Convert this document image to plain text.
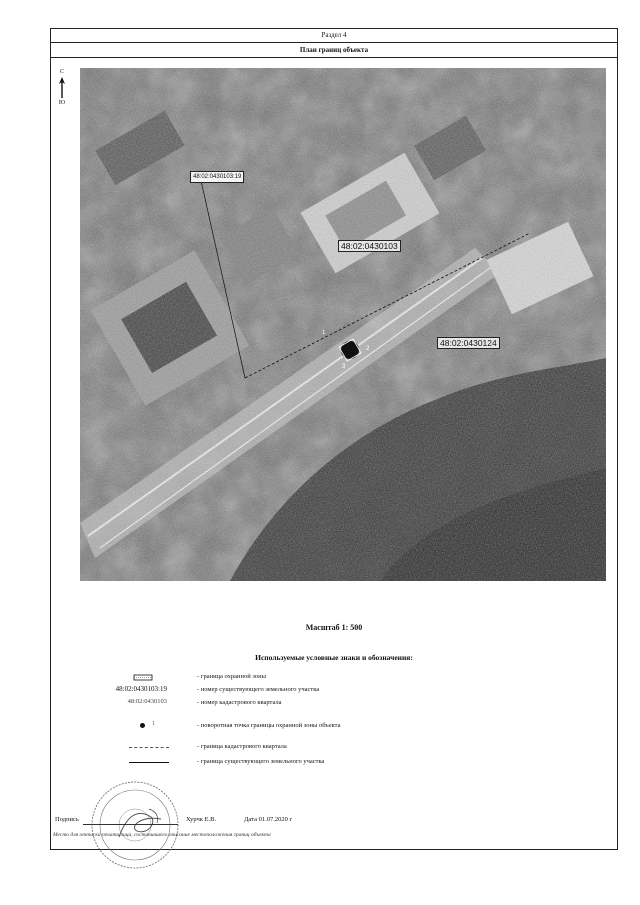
Раздел 4
План границ объекта
С
Ю
48:02:0430103:19
48:02:0430103
48:02:0430124
1
2
3
Масштаб 1: 500
Используемые условные знаки и обозначения:
- граница охранной зоны
48:02:0430103:19	- номер существующего земельного участка
48:02:0430103	- номер кадастрового квартала
1	- поворотная точка границы охранной зоны объекта
- граница кадастрового квартала
- граница существующего земельного участка
Подпись	Хурчк Е.В.	Дата 01.07.2020 г
Место для оттиска печати лица, составившего описание местоположения границ объекта
